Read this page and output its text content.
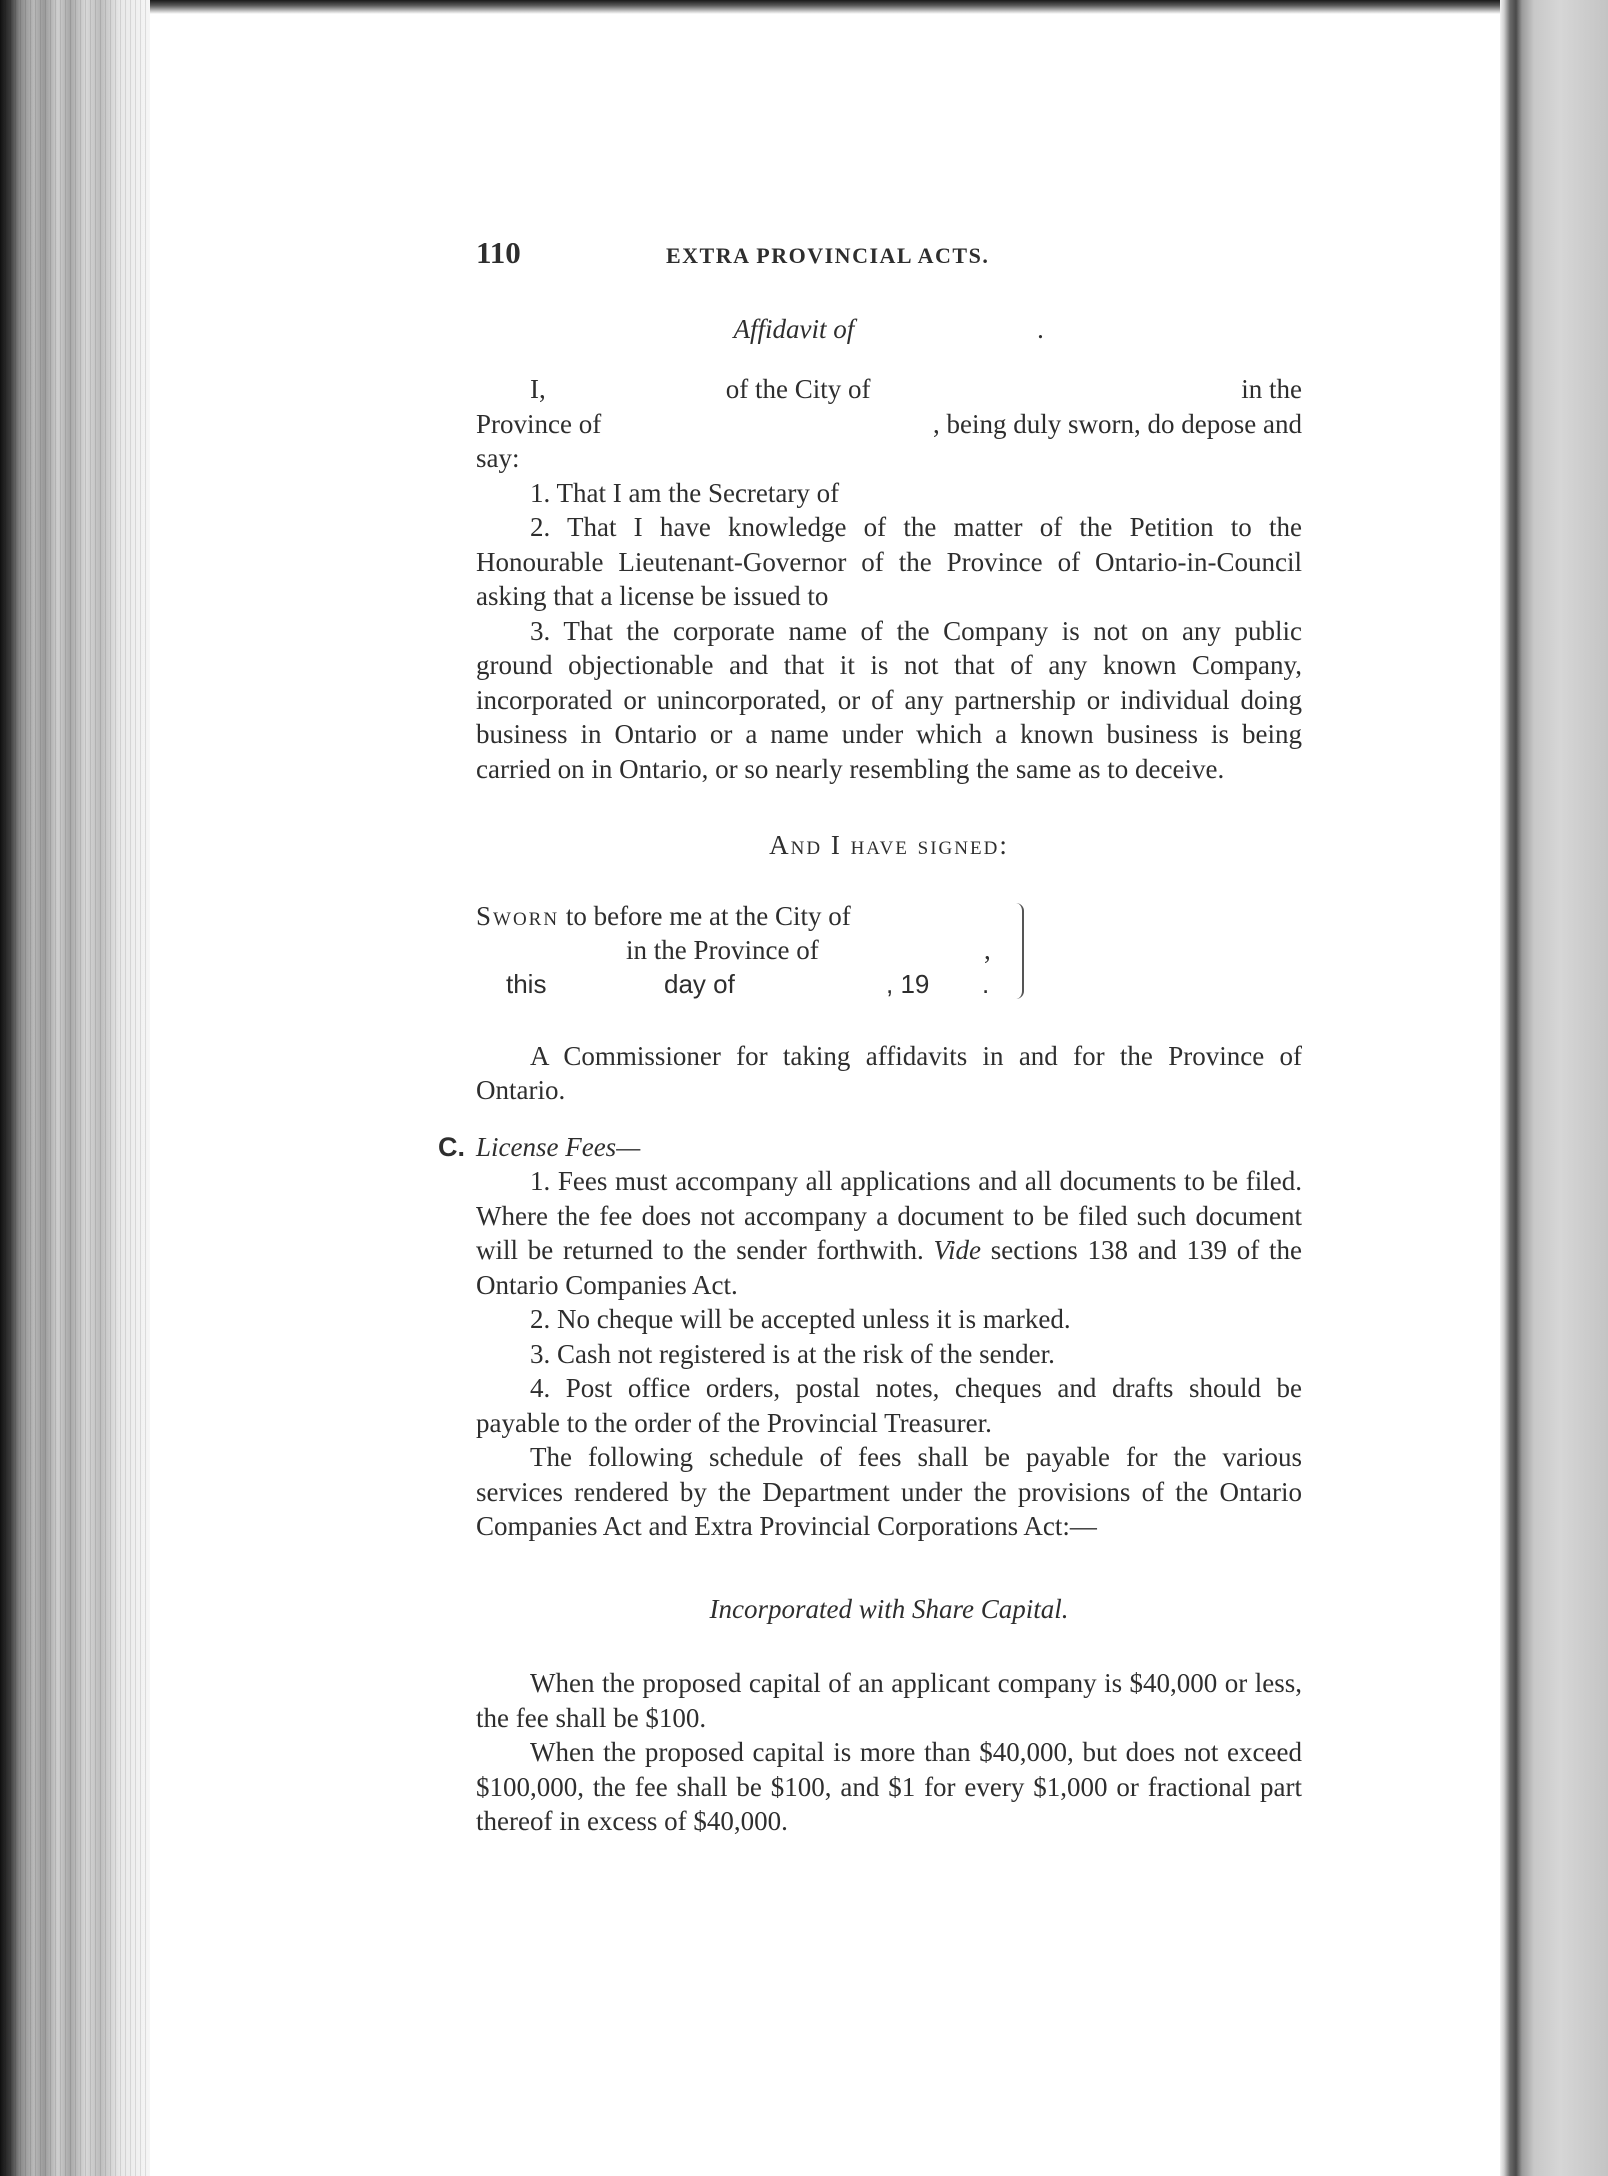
110	EXTRA PROVINCIAL ACTS.
Affidavit of	.
I,	of the City of	in the
Province of	, being duly sworn, do depose and

say:

1. That I am the Secretary of

2. That I have knowledge of the matter of the Petition to the Honourable Lieutenant-Governor of the Province of Ontario-in-Council asking that a license be issued to

3. That the corporate name of the Company is not on any public ground objectionable and that it is not that of any known Company, incorporated or unincorporated, or of any partnership or individual doing business in Ontario or a name under which a known business is being carried on in Ontario, or so nearly resembling the same as to deceive.

And I have signed:
Sworn to before me at the City of
in the Province of	,
this	day of	, 19 .

A Commissioner for taking affidavits in and for the Province of Ontario.

C. License Fees—

1. Fees must accompany all applications and all documents to be filed. Where the fee does not accompany a document to be filed such document will be returned to the sender forthwith. Vide sections 138 and 139 of the Ontario Companies Act.

2. No cheque will be accepted unless it is marked.

3. Cash not registered is at the risk of the sender.

4. Post office orders, postal notes, cheques and drafts should be payable to the order of the Provincial Treasurer.

The following schedule of fees shall be payable for the various services rendered by the Department under the provisions of the Ontario Companies Act and Extra Provincial Corporations Act:—

Incorporated with Share Capital.

When the proposed capital of an applicant company is $40,000 or less, the fee shall be $100.

When the proposed capital is more than $40,000, but does not exceed $100,000, the fee shall be $100, and $1 for every $1,000 or fractional part thereof in excess of $40,000.
